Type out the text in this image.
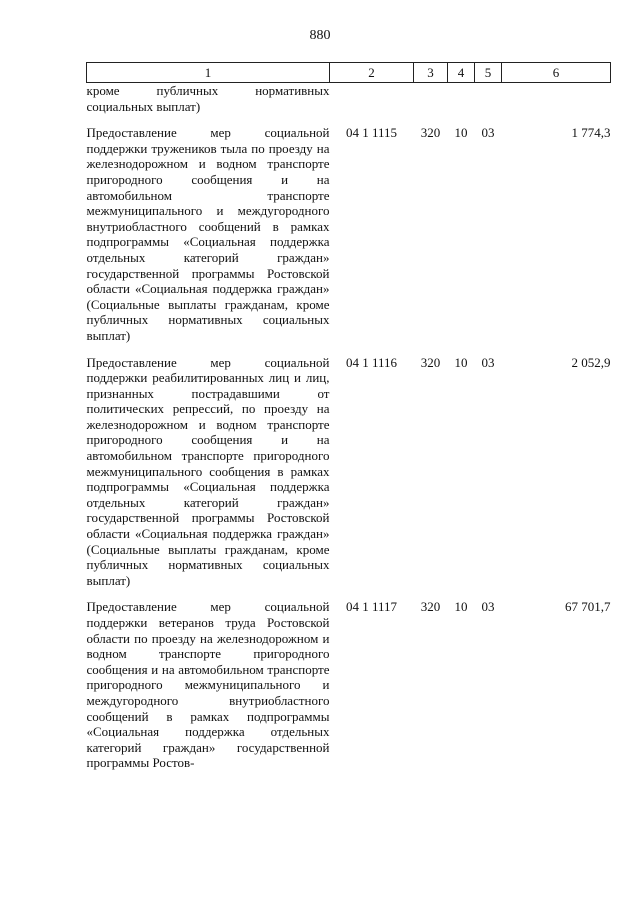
880
1	2	3	4	5	6
кроме публичных нормативных социальных выплат)					

Предоставление мер социальной поддержки тружеников тыла по проезду на железнодорожном и водном транспорте пригородного сообщения и на автомобильном транспорте межмуниципального и междугородного внутриобластного сообщений в рамках подпрограммы «Социальная поддержка отдельных категорий граждан» государственной программы Ростовской области «Социальная поддержка граждан» (Социальные выплаты гражданам, кроме публичных нормативных социальных выплат)	04 1 1115	320	10	03	1 774,3

Предоставление мер социальной поддержки реабилитированных лиц и лиц, признанных пострадавшими от политических репрессий, по проезду на железнодорожном и водном транспорте пригородного сообщения и на автомобильном транспорте пригородного межмуниципального сообщения в рамках подпрограммы «Социальная поддержка отдельных категорий граждан» государственной программы Ростовской области «Социальная поддержка граждан» (Социальные выплаты гражданам, кроме публичных нормативных социальных выплат)	04 1 1116	320	10	03	2 052,9

Предоставление мер социальной поддержки ветеранов труда Ростовской области по проезду на железнодорожном и водном транспорте пригородного сообщения и на автомобильном транспорте пригородного межмуниципального и междугородного внутриобластного сообщений в рамках подпрограммы «Социальная поддержка отдельных категорий граждан» государственной программы Ростов-	04 1 1117	320	10	03	67 701,7
